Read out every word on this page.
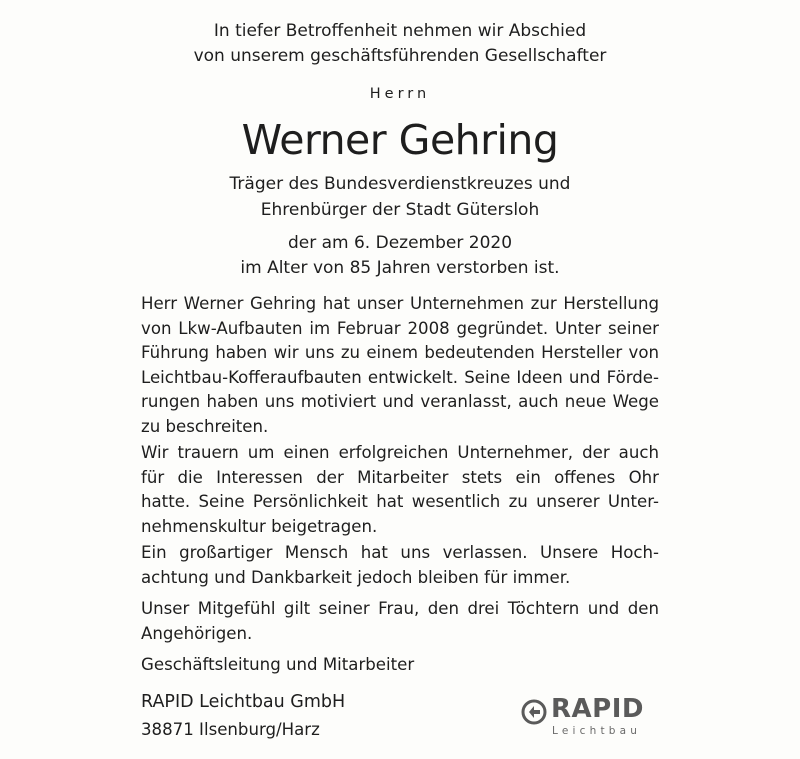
In tiefer Betroffenheit nehmen wir Abschied
von unserem geschäftsführenden Gesellschafter
Herrn
Werner Gehring
Träger des Bundesverdienstkreuzes und
Ehrenbürger der Stadt Gütersloh
der am 6. Dezember 2020
im Alter von 85 Jahren verstorben ist.
Herr Werner Gehring hat unser Unternehmen zur Herstellung
von Lkw-Aufbauten im Februar 2008 gegründet. Unter seiner
Führung haben wir uns zu einem bedeutenden Hersteller von
Leichtbau-Kofferaufbauten entwickelt. Seine Ideen und Förde-
rungen haben uns motiviert und veranlasst, auch neue Wege
zu beschreiten.
Wir trauern um einen erfolgreichen Unternehmer, der auch
für die Interessen der Mitarbeiter stets ein offenes Ohr
hatte. Seine Persönlichkeit hat wesentlich zu unserer Unter-
nehmenskultur beigetragen.
Ein großartiger Mensch hat uns verlassen. Unsere Hoch-
achtung und Dankbarkeit jedoch bleiben für immer.
Unser Mitgefühl gilt seiner Frau, den drei Töchtern und den
Angehörigen.
Geschäftsleitung und Mitarbeiter
RAPID Leichtbau GmbH
38871 Ilsenburg/Harz
RAPID
Leichtbau
